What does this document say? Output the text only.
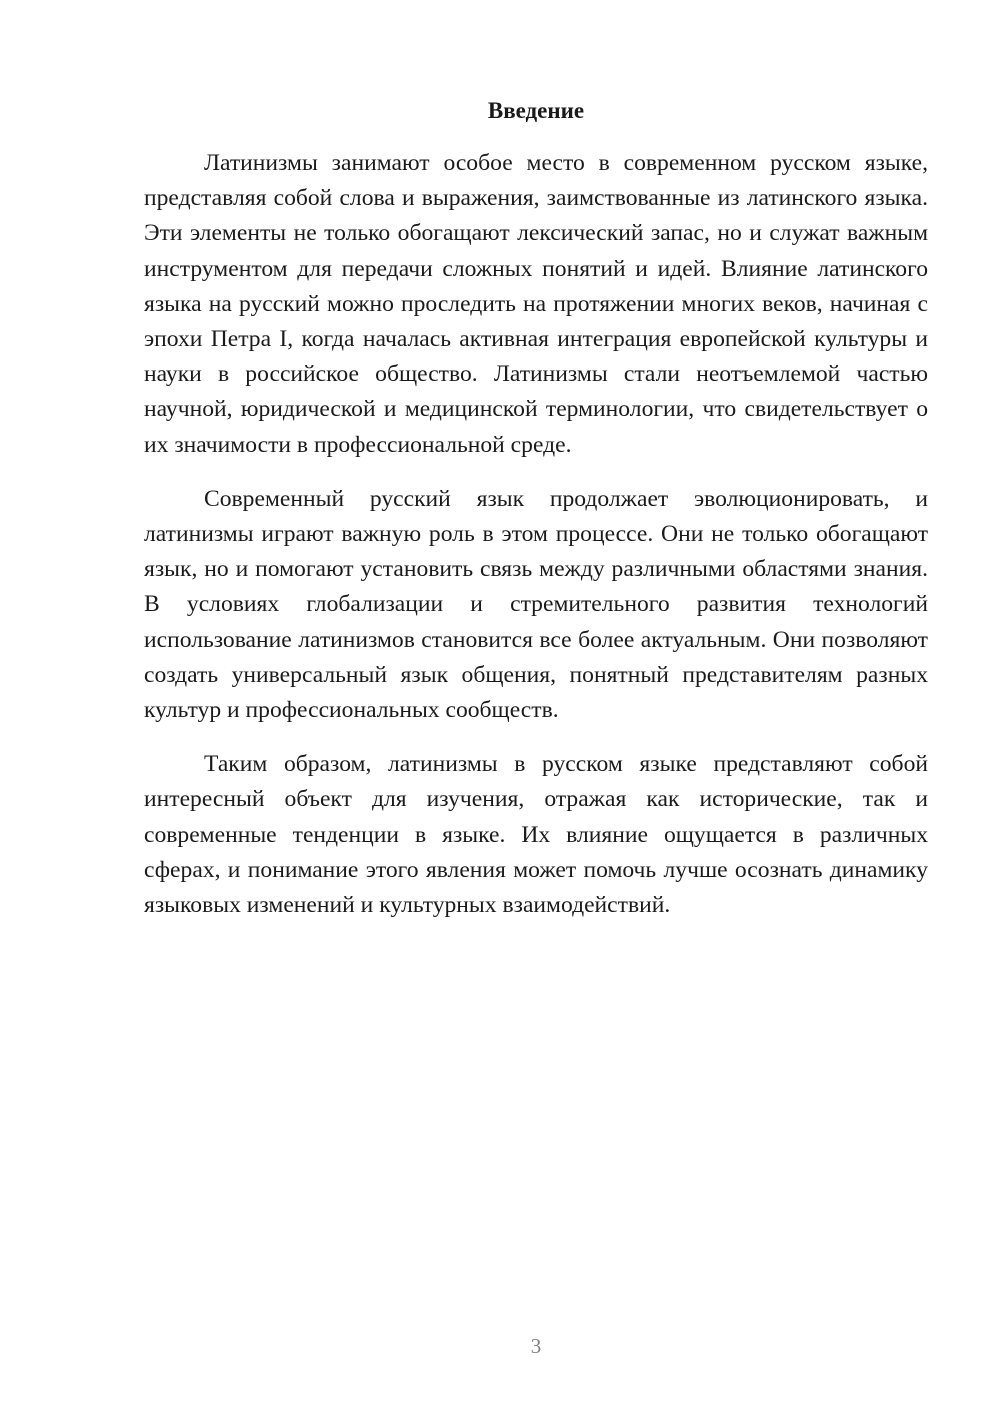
Введение

Латинизмы занимают особое место в современном русском языке, представляя собой слова и выражения, заимствованные из латинского языка. Эти элементы не только обогащают лексический запас, но и служат важным инструментом для передачи сложных понятий и идей. Влияние латинского языка на русский можно проследить на протяжении многих веков, начиная с эпохи Петра I, когда началась активная интеграция европейской культуры и науки в российское общество. Латинизмы стали неотъемлемой частью научной, юридической и медицинской терминологии, что свидетельствует о их значимости в профессиональной среде.

Современный русский язык продолжает эволюционировать, и латинизмы играют важную роль в этом процессе. Они не только обогащают язык, но и помогают установить связь между различными областями знания. В условиях глобализации и стремительного развития технологий использование латинизмов становится все более актуальным. Они позволяют создать универсальный язык общения, понятный представителям разных культур и профессиональных сообществ.

Таким образом, латинизмы в русском языке представляют собой интересный объект для изучения, отражая как исторические, так и современные тенденции в языке. Их влияние ощущается в различных сферах, и понимание этого явления может помочь лучше осознать динамику языковых изменений и культурных взаимодействий.

3
